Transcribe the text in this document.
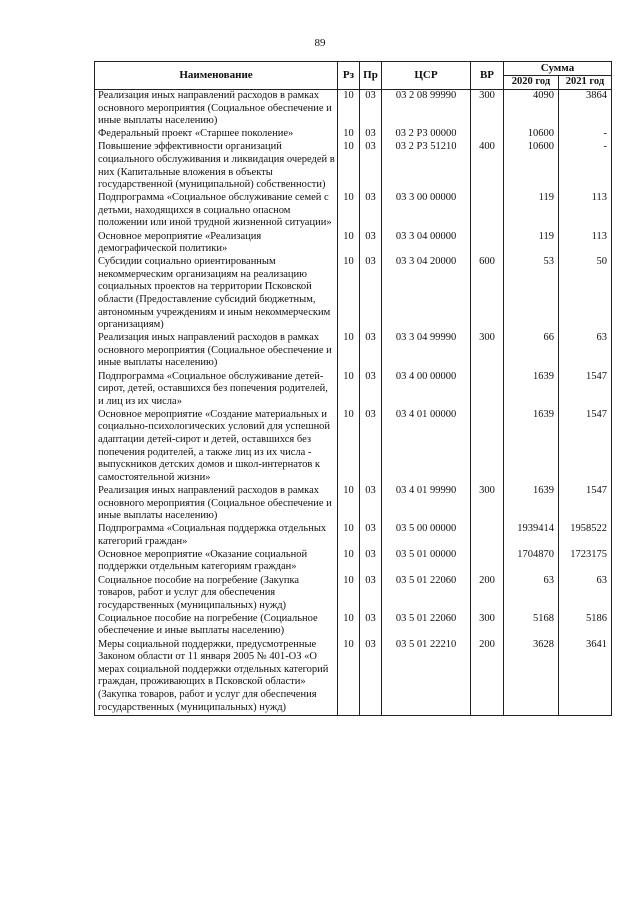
89
Наименование	Рз	Пр	ЦСР	ВР	Сумма	
					2020 год	2021 год
Реализация иных направлений расходов в рамках основного мероприятия (Социальное обеспечение и иные выплаты населению)	10	03	03 2 08 99990	300	4090	3864
Федеральный проект «Старшее поколение»	10	03	03 2 P3 00000		10600	-
Повышение эффективности организаций социального обслуживания и ликвидация очередей в них (Капитальные вложения в объекты государственной (муниципальной) собственности)	10	03	03 2 P3 51210	400	10600	-
Подпрограмма «Социальное обслуживание семей с детьми, находящихся в социально опасном положении или иной трудной жизненной ситуации»	10	03	03 3 00 00000		119	113
Основное мероприятие «Реализация демографической политики»	10	03	03 3 04 00000		119	113
Субсидии социально ориентированным некоммерческим организациям на реализацию социальных проектов на территории Псковской области (Предоставление субсидий бюджетным, автономным учреждениям и иным некоммерческим организациям)	10	03	03 3 04 20000	600	53	50
Реализация иных направлений расходов в рамках основного мероприятия (Социальное обеспечение и иные выплаты населению)	10	03	03 3 04 99990	300	66	63
Подпрограмма «Социальное обслуживание детей-сирот, детей, оставшихся без попечения родителей, и лиц из их числа»	10	03	03 4 00 00000		1639	1547
Основное мероприятие «Создание материальных и социально-психологических условий для успешной адаптации детей-сирот и детей, оставшихся без попечения родителей, а также лиц из их числа - выпускников детских домов и школ-интернатов к самостоятельной жизни»	10	03	03 4 01 00000		1639	1547
Реализация иных направлений расходов в рамках основного мероприятия (Социальное обеспечение и иные выплаты населению)	10	03	03 4 01 99990	300	1639	1547
Подпрограмма «Социальная поддержка отдельных категорий граждан»	10	03	03 5 00 00000		1939414	1958522
Основное мероприятие «Оказание социальной поддержки отдельным категориям граждан»	10	03	03 5 01 00000		1704870	1723175
Социальное пособие на погребение (Закупка товаров, работ и услуг для обеспечения государственных (муниципальных) нужд)	10	03	03 5 01 22060	200	63	63
Социальное пособие на погребение (Социальное обеспечение и иные выплаты населению)	10	03	03 5 01 22060	300	5168	5186
Меры социальной поддержки, предусмотренные Законом области от 11 января 2005 № 401-ОЗ «О мерах социальной поддержки отдельных категорий граждан, проживающих в Псковской области» (Закупка товаров, работ и услуг для обеспечения государственных (муниципальных) нужд)	10	03	03 5 01 22210	200	3628	3641
